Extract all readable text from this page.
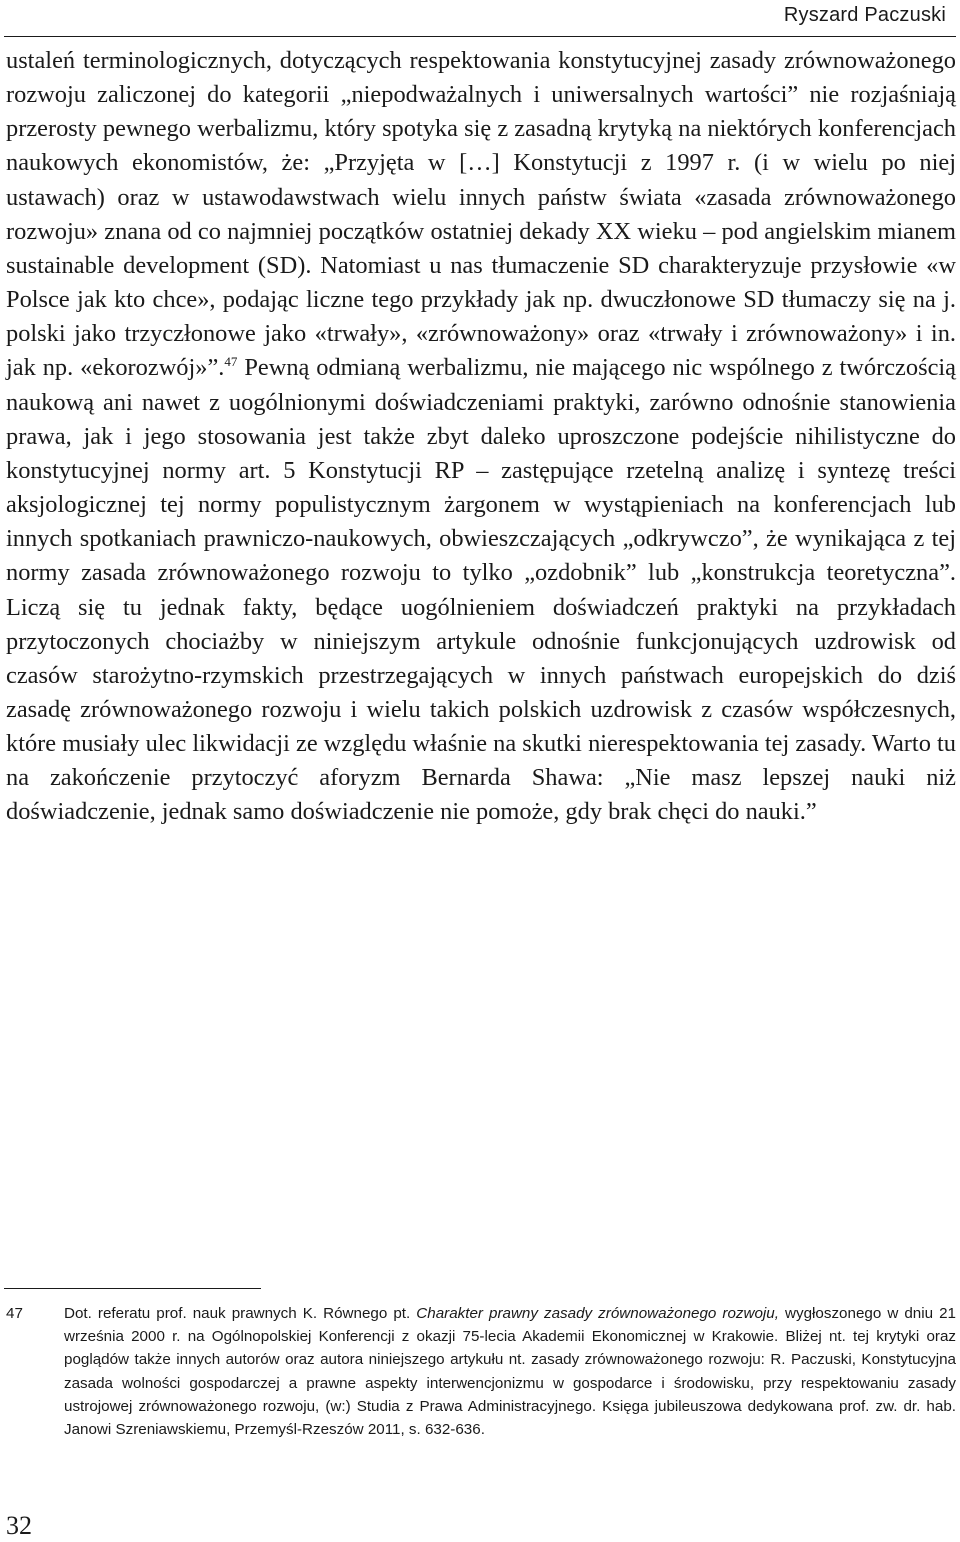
Ryszard Paczuski
ustaleń terminologicznych, dotyczących respektowania konstytucyjnej zasady zrównoważonego rozwoju zaliczonej do kategorii „niepodważalnych i uniwersalnych wartości” nie rozjaśniają przerosty pewnego werbalizmu, który spotyka się z zasadną krytyką na niektórych konferencjach naukowych ekonomistów, że: „Przyjęta w […] Konstytucji z 1997 r. (i w wielu po niej ustawach) oraz w ustawodawstwach wielu innych państw świata «zasada zrównoważonego rozwoju» znana od co najmniej początków ostatniej dekady XX wieku – pod angielskim mianem sustainable development (SD). Natomiast u nas tłumaczenie SD charakteryzuje przysłowie «w Polsce jak kto chce», podając liczne tego przykłady jak np. dwuczłonowe SD tłumaczy się na j. polski jako trzyczłonowe jako «trwały», «zrównoważony» oraz «trwały i zrównoważony» i in. jak np. «ekorozwój»”.$^{47}$ Pewną odmianą werbalizmu, nie mającego nic wspólnego z twórczością naukową ani nawet z uogólnionymi doświadczeniami praktyki, zarówno odnośnie stanowienia prawa, jak i jego stosowania jest także zbyt daleko uproszczone podejście nihilistyczne do konstytucyjnej normy art. 5 Konstytucji RP – zastępujące rzetelną analizę i syntezę treści aksjologicznej tej normy populistycznym żargonem w wystąpieniach na konferencjach lub innych spotkaniach prawniczo-naukowych, obwieszczających „odkrywczo”, że wynikająca z tej normy zasada zrównoważonego rozwoju to tylko „ozdobnik” lub „konstrukcja teoretyczna”. Liczą się tu jednak fakty, będące uogólnieniem doświadczeń praktyki na przykładach przytoczonych chociażby w niniejszym artykule odnośnie funkcjonujących uzdrowisk od czasów starożytno-rzymskich przestrzegających w innych państwach europejskich do dziś zasadę zrównoważonego rozwoju i wielu takich polskich uzdrowisk z czasów współczesnych, które musiały ulec likwidacji ze względu właśnie na skutki nierespektowania tej zasady. Warto tu na zakończenie przytoczyć aforyzm Bernarda Shawa: „Nie masz lepszej nauki niż doświadczenie, jednak samo doświadczenie nie pomoże, gdy brak chęci do nauki.”
47	Dot. referatu prof. nauk prawnych K. Równego pt. Charakter prawny zasady zrównoważonego rozwoju, wygłoszonego w dniu 21 września 2000 r. na Ogólnopolskiej Konferencji z okazji 75-lecia Akademii Ekonomicznej w Krakowie. Bliżej nt. tej krytyki oraz poglądów także innych autorów oraz autora niniejszego artykułu nt. zasady zrównoważonego rozwoju: R. Paczuski, Konstytucyjna zasada wolności gospodarczej a prawne aspekty interwencjonizmu w gospodarce i środowisku, przy respektowaniu zasady ustrojowej zrównoważonego rozwoju, (w:) Studia z Prawa Administracyjnego. Księga jubileuszowa dedykowana prof. zw. dr. hab. Janowi Szreniawskiemu, Przemyśl-Rzeszów 2011, s. 632-636.
32
